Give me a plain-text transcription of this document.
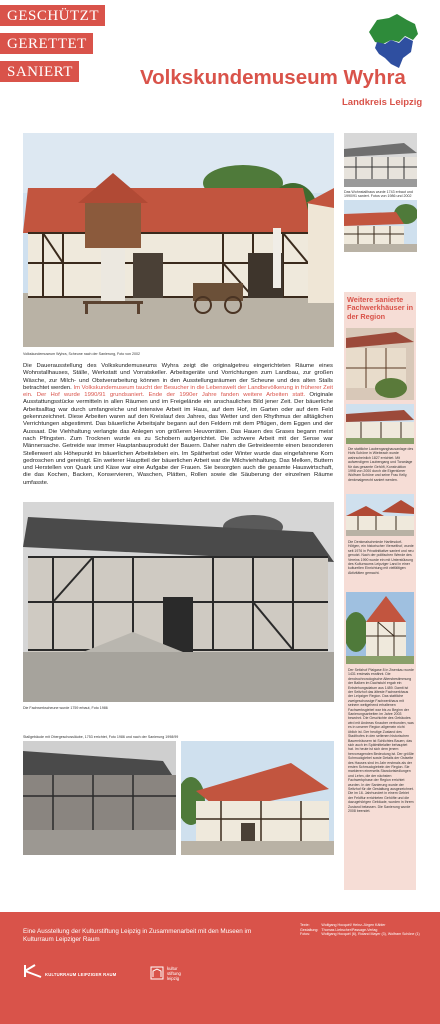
GESCHÜTZT
GERETTET
SANIERT	Volkskundemuseum Wyhra
Landkreis Leipzig
Volkskundemuseum Wyhra, Scheune nach der Sanierung, Foto von 2002
Das Wohnstallhaus wurde 1743 erbaut und 1990/91 saniert. Fotos von 1986 und 2002
Die Dauerausstellung des Volkskundemuseums Wyhra zeigt die originalgetreu eingerichteten Räume eines Wohnstallhauses, Ställe, Werkstatt und Vorratskeller. Arbeitsgeräte und Vorrichtungen zum Landbau, zur großen Wäsche, zur Milch- und Obstverarbeitung können in den Ausstellungsräumen der Scheune und des alten Stalls betrachtet werden. Im Volkskundemuseum taucht der Besucher in die Lebenswelt der Landbevölkerung in früherer Zeit ein. Der Hof wurde 1990/91 grundsaniert. Ende der 1990er Jahre fanden weitere Arbeiten statt. Originale Ausstattungsstücke vermitteln in allen Räumen und im Freigelände ein anschauliches Bild jener Zeit. Der bäuerliche Arbeitsalltag war durch umfangreiche und intensive Arbeit im Haus, auf dem Hof, im Garten oder auf dem Feld gekennzeichnet. Diese Arbeiten waren auf den Kreislauf des Jahres, das Wetter und den Rhythmus der alltäglichen Verrichtungen abgestimmt. Das bäuerliche Arbeitsjahr begann auf den Feldern mit dem Pflügen, dem Eggen und der Aussaat. Die Viehhaltung verlangte das Anlegen von größeren Heuvorräten. Das Hauen des Grases begann meist nach Pfingsten. Zum Trocknen wurde es zu Schobern aufgerichtet. Die schwere Arbeit mit der Sense war Männersache. Getreide war immer Hauptanbauprodukt der Bauern. Daher nahm die Getreideernte einen besonderen Stellenwert als Höhepunkt im bäuerlichen Arbeitsleben ein. Im Spätherbst oder Winter wurde das eingefahrene Korn gedroschen und gereinigt. Ein weiterer Hauptteil der bäuerlichen Arbeit war die Milchviehhaltung. Das Melken, Buttern und Herstellen von Quark und Käse war eine Aufgabe der Frauen. Sie besorgten auch die gesamte Hauswirtschaft, die das Kochen, Backen, Konservieren, Waschen, Plätten, Rollen sowie die Säuberung der einzelnen Räume umfasste.
Die Fachwerkscheune wurde 1759 erbaut, Foto 1986
Stallgebäude mit Obergeschossläube, 1753 errichtet, Foto 1986 und nach der Sanierung 1998/99
Weitere sanierte Fachwerkhäuser in der Region
Die stattliche Laubenganghausanlage des Hofs Schöne in Wiebeach wurde wahrscheinlich 1827 errichtet. Mit aufwendigem Laubengang und Toranlage für das gesamte Gehöft, Konstruktion 1998 von 2000 durch die Eigentümer Wolfram Schöne und seine Frau Kelly, denkmalgerecht saniert werden.
Die Denkmalschmiede Hartlesdorf-Höfgen, ein historischer Vierseithof, wurde seit 1976 in Privatinitiative saniert und neu genutzt. Nach der politischen Wende des Vereins 1990 wurde ein mit Unterstützung des Kulturraums Leipziger Land in einer kulturellen Einrichtung mit vielfältigen Aktivitäten gemacht.
Der Seitzhof Plaigase 8 in Zwenkau wurde 1431 erstmals erwähnt. Die dendrochronologische Altersbestimmung der Balken im Dachstuhl ergab ein Entstehungsdatum aus 1489. Damit ist der Seitzhof das älteste Fachwerkhaus der Leipziger Region. Das stattliche zweigeschossige Fachwerkhaus mit seinem weitgehend erhaltenen Fachwerksgiebel war bis zu Beginn der Sanierungsarbeiten im Jahre 2003 bewohnt. Die Geschichte des Gebäudes wird mit Andreas Knauber verbunden, was es in unserer Region allgemein nicht üblich ist. Der heutige Zustand des Stadthofes in den seltenen historischen Bauernhäusern ist Schlichtes Bauen, das sich auch im Spätmittelalter behauptet hat. Im heute ist sich dem jenem hervorragenden Bedeutung ist. Der größte Schmuckgiebel sowie Details der Ostseite des Hauses sind im Jahr erstmals als der ersten Schmuckgiebeln der Region. Sie markieren einerseits Standortsiedlungen und Lehm, die der nächsten Fachwerkphase der Region errichtet wurden. In der Sanierung wurde der Seitzhof für die Gestaltung ausgezeichnet. Die im 16. Jahrhundert in einem Gebiet der Feldflur errichteten Gehöfte und die dazugehörigen Gebäude, wurden in Ihrem Zustand belassen. Die Sanierung wurde 2008 beendet.
Eine Ausstellung der Kulturstiftung Leipzig in Zusammenarbeit mit den Museen im Kulturraum Leipziger Raum
Texte:	Wolfgang Hocquél/ Heinz-Jürgen Käbler
Gestaltung:	Thomas Liebscher/Passage-Verlag
Fotos:	Wolfgang Hocquél (6), Roland Mayer (3), Wolfram Schöne (1)
KULTURRAUM LEIPZIGER RAUM
kultur
stiftung
leipzig
